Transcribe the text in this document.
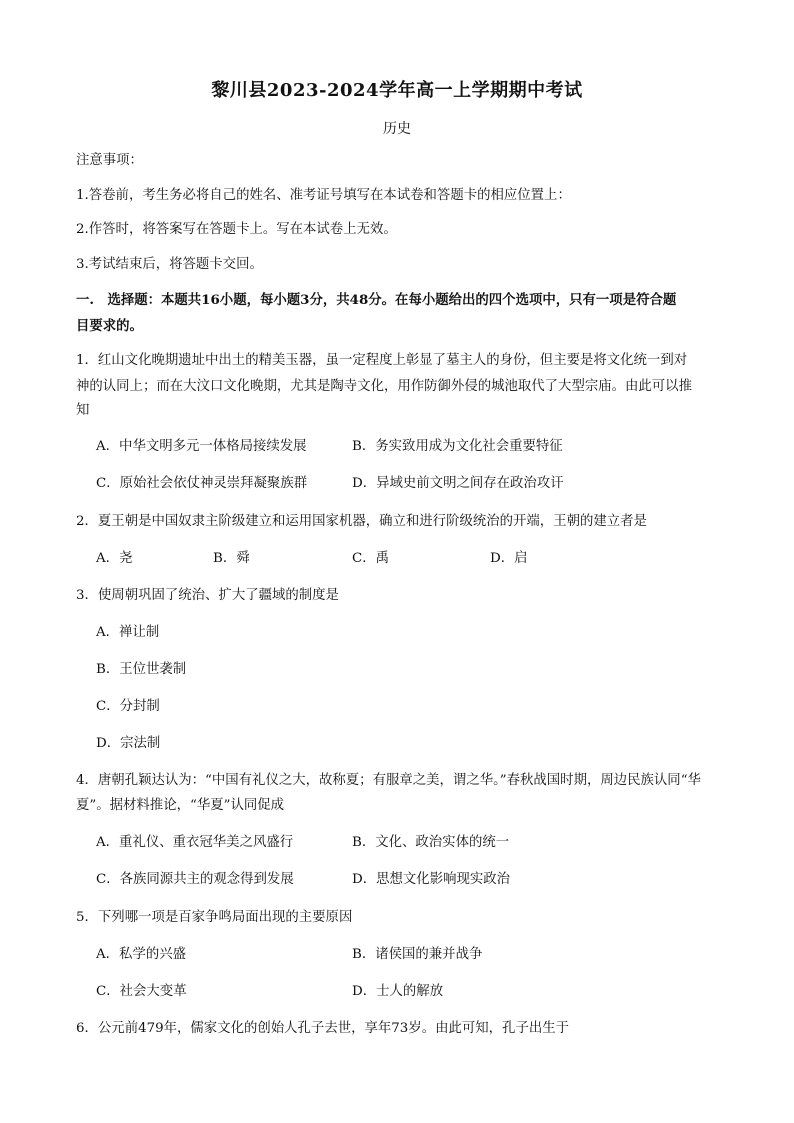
黎川县2023-2024学年高一上学期期中考试
历史
注意事项：
1.答卷前，考生务必将自己的姓名、准考证号填写在本试卷和答题卡的相应位置上：
2.作答时，将答案写在答题卡上。写在本试卷上无效。
3.考试结束后，将答题卡交回。
一.　选择题：本题共16小题，每小题3分，共48分。在每小题给出的四个选项中，只有一项是符合题
目要求的。
1．红山文化晚期遗址中出土的精美玉器，虽一定程度上彰显了墓主人的身份，但主要是将文化统一到对
神的认同上；而在大汶口文化晚期，尤其是陶寺文化，用作防御外侵的城池取代了大型宗庙。由此可以推
知
A．中华文明多元一体格局接续发展	B．务实致用成为文化社会重要特征
C．原始社会依仗神灵崇拜凝聚族群	D．异域史前文明之间存在政治攻讦
2．夏王朝是中国奴隶主阶级建立和运用国家机器，确立和进行阶级统治的开端，王朝的建立者是
A．尧	B．舜	C．禹	D．启
3．使周朝巩固了统治、扩大了疆域的制度是
A．禅让制
B．王位世袭制
C．分封制
D．宗法制
4．唐朝孔颖达认为：“中国有礼仪之大，故称夏；有服章之美，谓之华。”春秋战国时期，周边民族认同“华
夏”。据材料推论，“华夏”认同促成
A．重礼仪、重衣冠华美之风盛行	B．文化、政治实体的统一
C．各族同源共主的观念得到发展	D．思想文化影响现实政治
5．下列哪一项是百家争鸣局面出现的主要原因
A．私学的兴盛	B．诸侯国的兼并战争
C．社会大变革	D．士人的解放
6．公元前479年，儒家文化的创始人孔子去世，享年73岁。由此可知，孔子出生于
